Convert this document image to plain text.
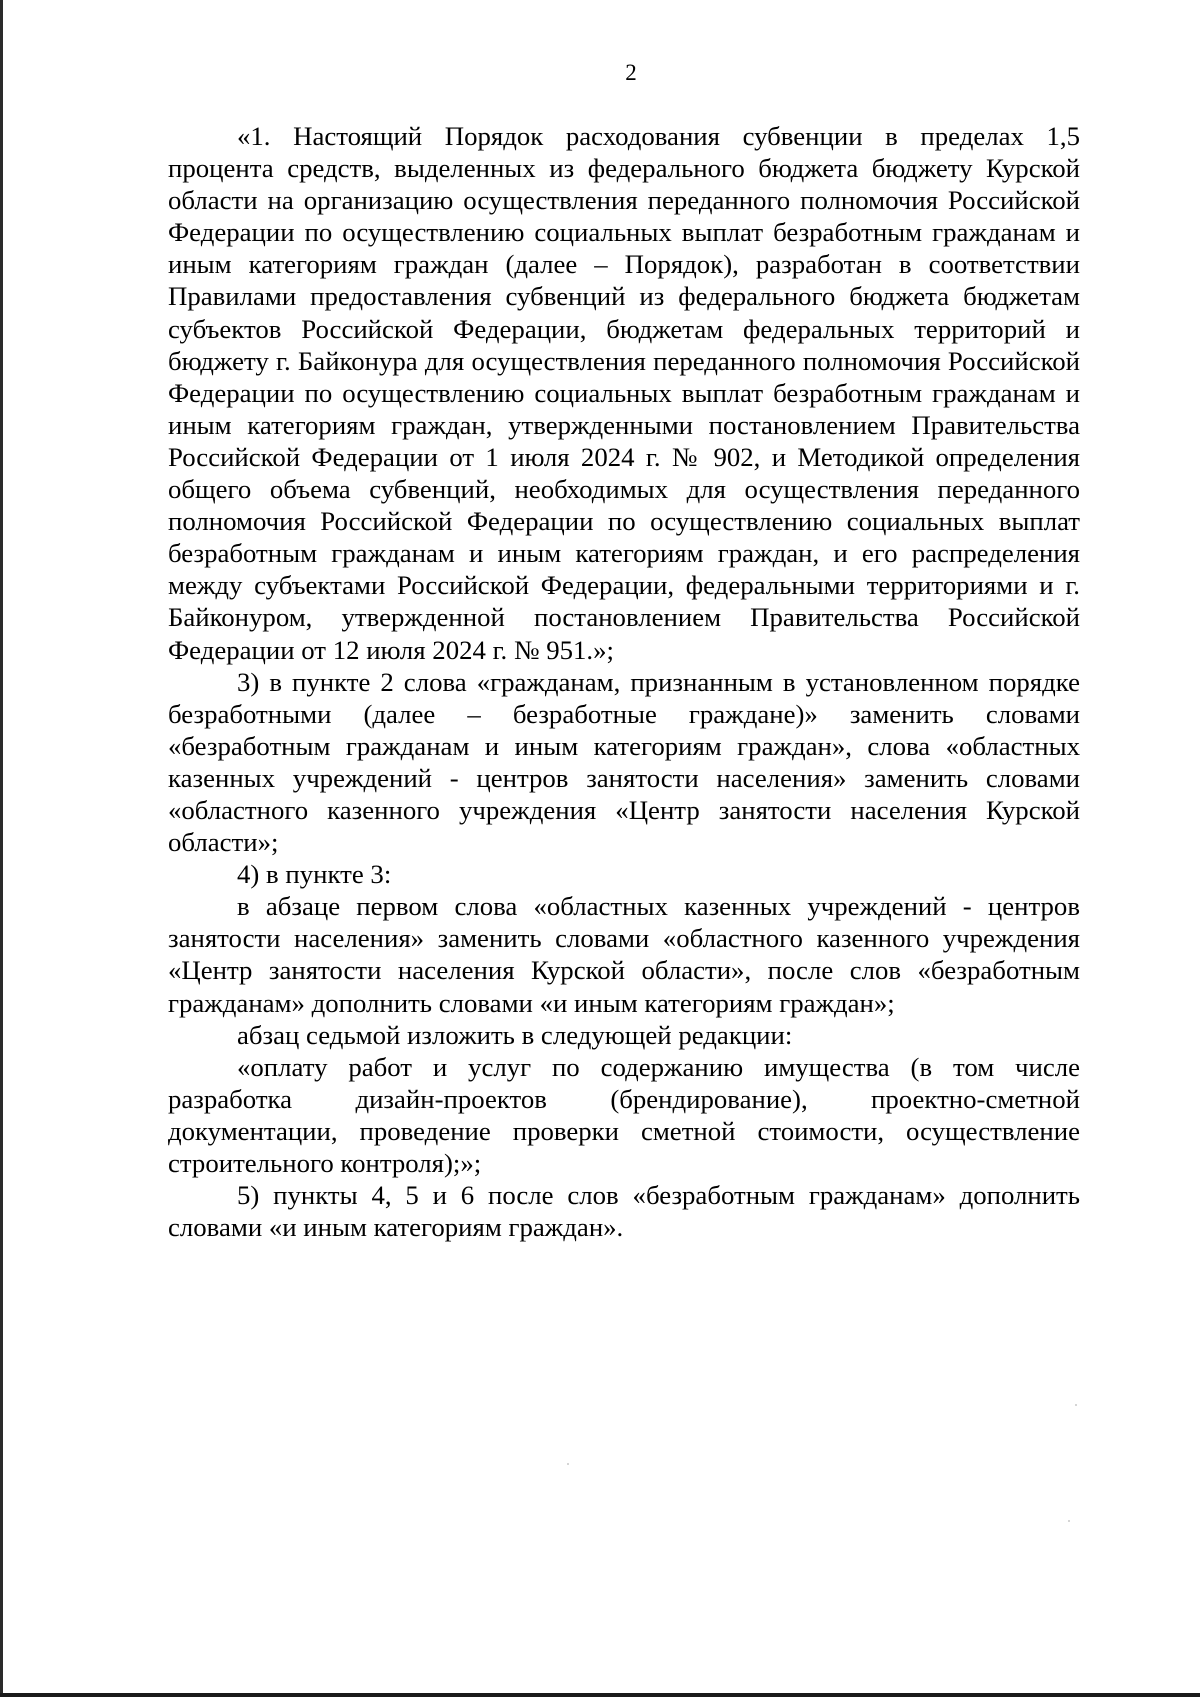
2

«1. Настоящий Порядок расходования субвенции в пределах 1,5 процента средств, выделенных из федерального бюджета бюджету Курской области на организацию осуществления переданного полномочия Российской Федерации по осуществлению социальных выплат безработным гражданам и иным категориям граждан (далее – Порядок), разработан в соответствии Правилами предоставления субвенций из федерального бюджета бюджетам субъектов Российской Федерации, бюджетам федеральных территорий и бюджету г. Байконура для осуществления переданного полномочия Российской Федерации по осуществлению социальных выплат безработным гражданам и иным категориям граждан, утвержденными постановлением Правительства Российской Федерации от 1 июля 2024 г. № 902, и Методикой определения общего объема субвенций, необходимых для осуществления переданного полномочия Российской Федерации по осуществлению социальных выплат безработным гражданам и иным категориям граждан, и его распределения между субъектами Российской Федерации, федеральными территориями и г. Байконуром, утвержденной постановлением Правительства Российской Федерации от 12 июля 2024 г. № 951.»;

3) в пункте 2 слова «гражданам, признанным в установленном порядке безработными (далее – безработные граждане)» заменить словами «безработным гражданам и иным категориям граждан», слова «областных казенных учреждений - центров занятости населения» заменить словами «областного казенного учреждения «Центр занятости населения Курской области»;

4) в пункте 3:

в абзаце первом слова «областных казенных учреждений - центров занятости населения» заменить словами «областного казенного учреждения «Центр занятости населения Курской области», после слов «безработным гражданам» дополнить словами «и иным категориям граждан»;

абзац седьмой изложить в следующей редакции:

«оплату работ и услуг по содержанию имущества (в том числе разработка дизайн-проектов (брендирование), проектно-сметной документации, проведение проверки сметной стоимости, осуществление строительного контроля);»;

5) пункты 4, 5 и 6 после слов «безработным гражданам» дополнить словами «и иным категориям граждан».
